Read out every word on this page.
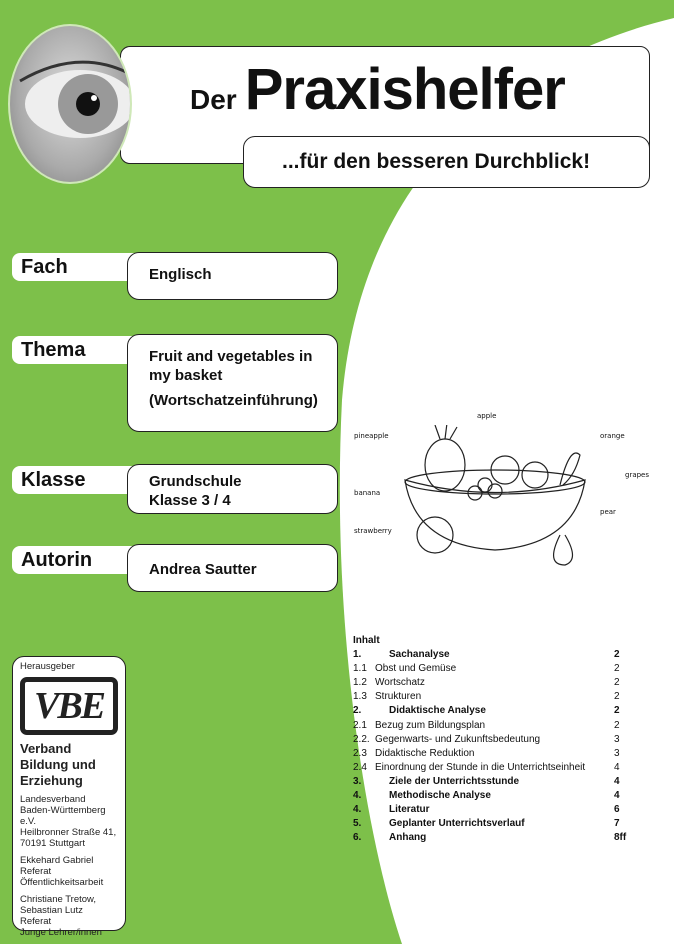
Der Praxishelfer
...für den besseren Durchblick!
Fach	Englisch
Thema	Fruit and vegetables in
my basket
(Wortschatzeinführung)
Klasse	Grundschule
Klasse 3 / 4
Autorin	Andrea Sautter
apple
pineapple	orange
grapes
banana
pear
strawberry
Herausgeber
VBE
Verband
Bildung und
Erziehung

Landesverband
Baden-Württemberg e.V.
Heilbronner Straße 41,
70191 Stuttgart

Ekkehard Gabriel
Referat
Öffentlichkeitsarbeit

Christiane Tretow,
Sebastian Lutz
Referat
Junge Lehrer/innen

Inhalt
1.	Sachanalyse	2
1.1 Obst und Gemüse	2
1.2 Wortschatz	2
1.3 Strukturen	2
2.	Didaktische Analyse	2
2.1 Bezug zum Bildungsplan	2
2.2. Gegenwarts- und Zukunftsbedeutung	3
2.3 Didaktische Reduktion	3
2.4 Einordnung der Stunde in die Unterrichtseinheit	4
3.	Ziele der Unterrichtsstunde	4
4.	Methodische Analyse	4
4.	Literatur	6
5.	Geplanter Unterrichtsverlauf	7
6.	Anhang	8ff
